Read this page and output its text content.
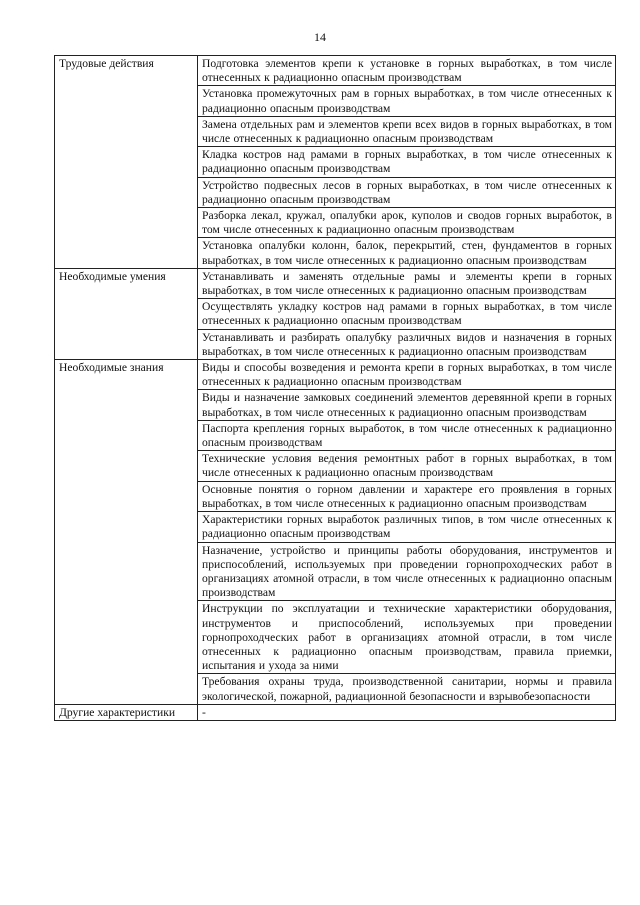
14
Трудовые действия	Подготовка элементов крепи к установке в горных выработках, в том числе отнесенных к радиационно опасным производствам
	Установка промежуточных рам в горных выработках, в том числе отнесенных к радиационно опасным производствам
	Замена отдельных рам и элементов крепи всех видов в горных выработках, в том числе отнесенных к радиационно опасным производствам
	Кладка костров над рамами в горных выработках, в том числе отнесенных к радиационно опасным производствам
	Устройство подвесных лесов в горных выработках, в том числе отнесенных к радиационно опасным производствам
	Разборка лекал, кружал, опалубки арок, куполов и сводов горных выработок, в том числе отнесенных к радиационно опасным производствам
	Установка опалубки колонн, балок, перекрытий, стен, фундаментов в горных выработках, в том числе отнесенных к радиационно опасным производствам
Необходимые умения	Устанавливать и заменять отдельные рамы и элементы крепи в горных выработках, в том числе отнесенных к радиационно опасным производствам
	Осуществлять укладку костров над рамами в горных выработках, в том числе отнесенных к радиационно опасным производствам
	Устанавливать и разбирать опалубку различных видов и назначения в горных выработках, в том числе отнесенных к радиационно опасным производствам
Необходимые знания	Виды и способы возведения и ремонта крепи в горных выработках, в том числе отнесенных к радиационно опасным производствам
	Виды и назначение замковых соединений элементов деревянной крепи в горных выработках, в том числе отнесенных к радиационно опасным производствам
	Паспорта крепления горных выработок, в том числе отнесенных к радиационно опасным производствам
	Технические условия ведения ремонтных работ в горных выработках, в том числе отнесенных к радиационно опасным производствам
	Основные понятия о горном давлении и характере его проявления в горных выработках, в том числе отнесенных к радиационно опасным производствам
	Характеристики горных выработок различных типов, в том числе отнесенных к радиационно опасным производствам
	Назначение, устройство и принципы работы оборудования, инструментов и приспособлений, используемых при проведении горнопроходческих работ в организациях атомной отрасли, в том числе отнесенных к радиационно опасным производствам
	Инструкции по эксплуатации и технические характеристики оборудования, инструментов и приспособлений, используемых при проведении горнопроходческих работ в организациях атомной отрасли, в том числе отнесенных к радиационно опасным производствам, правила приемки, испытания и ухода за ними
	Требования охраны труда, производственной санитарии, нормы и правила экологической, пожарной, радиационной безопасности и взрывобезопасности
Другие характеристики	-
